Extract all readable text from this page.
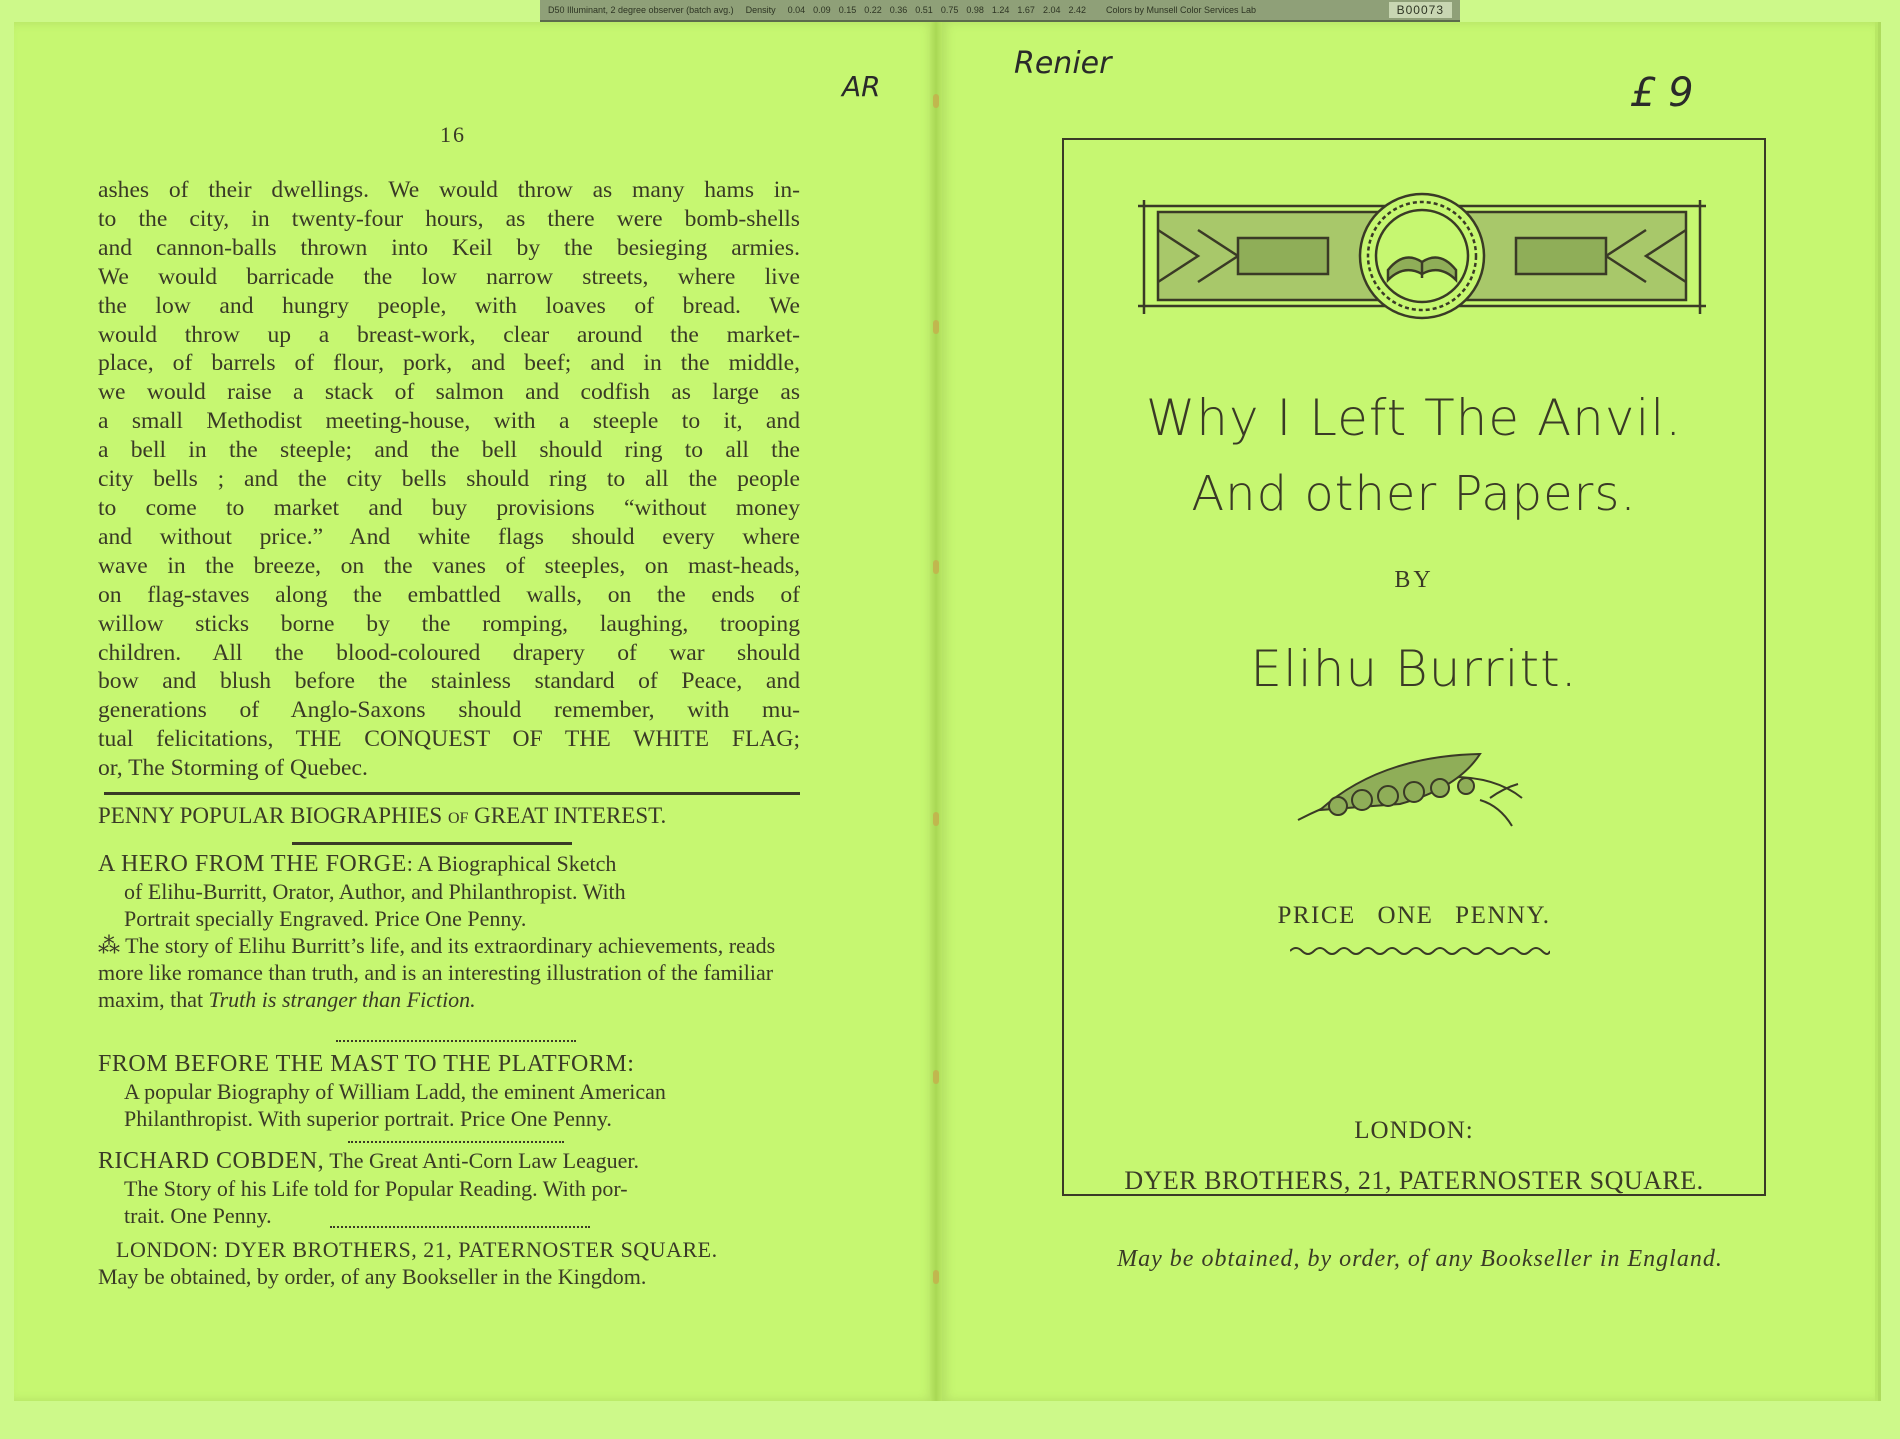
D50 Illuminant, 2 degree observer (batch avg.) Density 0.04 0.09 0.15 0.22 0.36 0.51 0.75 0.98 1.24 1.67 2.04 2.42	Colors by Munsell Color Services Lab	B00073
AR
16
ashes of their dwellings. We would throw as many hams in-
to the city, in twenty-four hours, as there were bomb-shells
and cannon-balls thrown into Keil by the besieging armies.
We would barricade the low narrow streets, where live
the low and hungry people, with loaves of bread. We
would throw up a breast-work, clear around the market-
place, of barrels of flour, pork, and beef; and in the middle,
we would raise a stack of salmon and codfish as large as
a small Methodist meeting-house, with a steeple to it, and
a bell in the steeple; and the bell should ring to all the
city bells ; and the city bells should ring to all the people
to come to market and buy provisions “without money
and without price.” And white flags should every where
wave in the breeze, on the vanes of steeples, on mast-heads,
on flag-staves along the embattled walls, on the ends of
willow sticks borne by the romping, laughing, trooping
children. All the blood-coloured drapery of war should
bow and blush before the stainless standard of Peace, and
generations of Anglo-Saxons should remember, with mu-
tual felicitations, THE CONQUEST OF THE WHITE FLAG;
or, The Storming of Quebec.
PENNY POPULAR BIOGRAPHIES OF GREAT INTEREST.
A HERO FROM THE FORGE: A Biographical Sketch
of Elihu-Burritt, Orator, Author, and Philanthropist. With
Portrait specially Engraved. Price One Penny.
⁂ The story of Elihu Burritt’s life, and its extraordinary achievements, reads more like romance than truth, and is an interesting illustration of the familiar maxim, that Truth is stranger than Fiction.
FROM BEFORE THE MAST TO THE PLATFORM:
A popular Biography of William Ladd, the eminent American
Philanthropist. With superior portrait. Price One Penny.
RICHARD COBDEN, The Great Anti-Corn Law Leaguer.
The Story of his Life told for Popular Reading. With por-
trait. One Penny.
LONDON: DYER BROTHERS, 21, PATERNOSTER SQUARE.
May be obtained, by order, of any Bookseller in the Kingdom.
Renier
£ 9
Why I Left The Anvil.
And other Papers.
BY
Elihu Burritt.
PRICE ONE PENNY.
LONDON:
DYER BROTHERS, 21, PATERNOSTER SQUARE.
May be obtained, by order, of any Bookseller in England.
